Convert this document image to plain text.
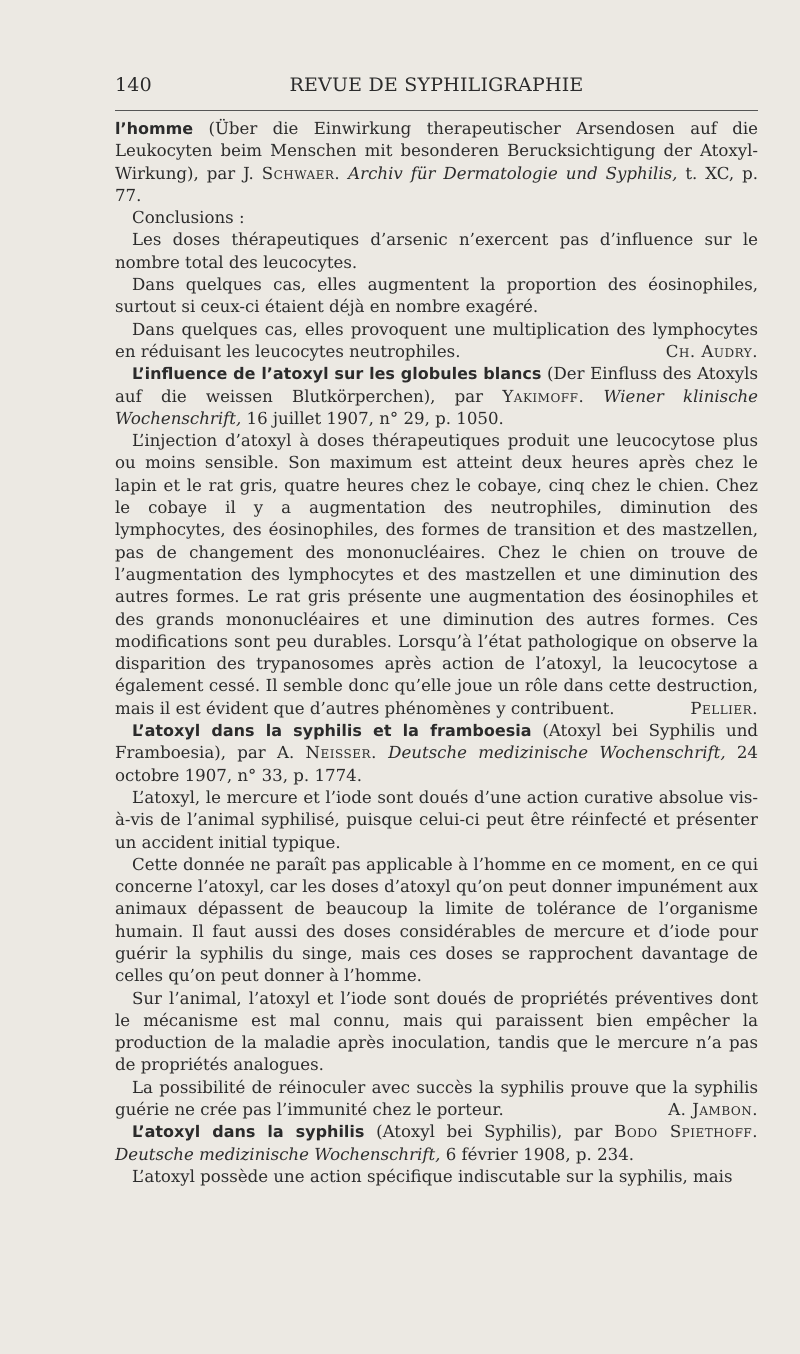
140	REVUE DE SYPHILIGRAPHIE

l’homme (Über die Einwirkung therapeutischer Arsendosen auf die Leukocyten beim Menschen mit besonderen Berucksichtigung der Atoxyl-Wirkung), par J. Schwaer. Archiv für Dermatologie und Syphilis, t. XC, p. 77.

Conclusions :

Les doses thérapeutiques d’arsenic n’exercent pas d’influence sur le nombre total des leucocytes.

Dans quelques cas, elles augmentent la proportion des éosinophiles, surtout si ceux-ci étaient déjà en nombre exagéré.

Dans quelques cas, elles provoquent une multiplication des lymphocytes en réduisant les leucocytes neutrophiles.	Ch. Audry.

L’influence de l’atoxyl sur les globules blancs (Der Einfluss des Atoxyls auf die weissen Blutkörperchen), par Yakimoff. Wiener klinische Wochenschrift, 16 juillet 1907, n° 29, p. 1050.

L’injection d’atoxyl à doses thérapeutiques produit une leucocytose plus ou moins sensible. Son maximum est atteint deux heures après chez le lapin et le rat gris, quatre heures chez le cobaye, cinq chez le chien. Chez le cobaye il y a augmentation des neutrophiles, diminution des lymphocytes, des éosinophiles, des formes de transition et des mastzellen, pas de changement des mononucléaires. Chez le chien on trouve de l’augmentation des lymphocytes et des mastzellen et une diminution des autres formes. Le rat gris présente une augmentation des éosinophiles et des grands mononucléaires et une diminution des autres formes. Ces modifications sont peu durables. Lorsqu’à l’état pathologique on observe la disparition des trypanosomes après action de l’atoxyl, la leucocytose a également cessé. Il semble donc qu’elle joue un rôle dans cette destruction, mais il est évident que d’autres phénomènes y contribuent.	Pellier.

L’atoxyl dans la syphilis et la framboesia (Atoxyl bei Syphilis und Framboesia), par A. Neisser. Deutsche medizinische Wochenschrift, 24 octobre 1907, n° 33, p. 1774.

L’atoxyl, le mercure et l’iode sont doués d’une action curative absolue vis-à-vis de l’animal syphilisé, puisque celui-ci peut être réinfecté et présenter un accident initial typique.

Cette donnée ne paraît pas applicable à l’homme en ce moment, en ce qui concerne l’atoxyl, car les doses d’atoxyl qu’on peut donner impunément aux animaux dépassent de beaucoup la limite de tolérance de l’organisme humain. Il faut aussi des doses considérables de mercure et d’iode pour guérir la syphilis du singe, mais ces doses se rapprochent davantage de celles qu’on peut donner à l’homme.

Sur l’animal, l’atoxyl et l’iode sont doués de propriétés préventives dont le mécanisme est mal connu, mais qui paraissent bien empêcher la production de la maladie après inoculation, tandis que le mercure n’a pas de propriétés analogues.

La possibilité de réinoculer avec succès la syphilis prouve que la syphilis guérie ne crée pas l’immunité chez le porteur.	A. Jambon.

L’atoxyl dans la syphilis (Atoxyl bei Syphilis), par Bodo Spiethoff. Deutsche medizinische Wochenschrift, 6 février 1908, p. 234.

L’atoxyl possède une action spécifique indiscutable sur la syphilis, mais
